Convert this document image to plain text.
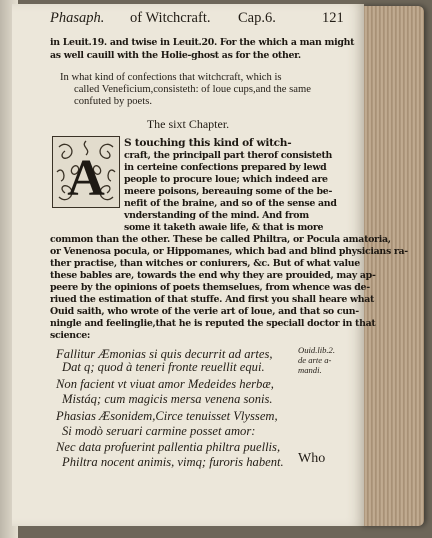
Phasaph. of Witchcraft. Cap.6.	121
in Leuit.19. and twise in Leuit.20. For the which a man might
as well cauill with the Holie-ghost as for the other.
In what kind of confections that witchcraft, which is
called Veneficium,consisteth: of loue cups,and the same
confuted by poets.
The sixt Chapter.
A
S touching this kind of witch-
craft, the principall part therof consisteth
in certeine confections prepared by lewd
people to procure loue; which indeed are
meere poisons, bereauing some of the be-
nefit of the braine, and so of the sense and
vnderstanding of the mind. And from
some it taketh awaie life, & that is more
common than the other. These be called Philtra, or Pocula amatoria,
or Venenosa pocula, or Hippomanes, which bad and blind physicians ra-
ther practise, than witches or coniurers, &c. But of what value
these bables are, towards the end why they are prouided, may ap-
peere by the opinions of poets themselues, from whence was de-
riued the estimation of that stuffe. And first you shall heare what
Ouid saith, who wrote of the verie art of loue, and that so cun-
ningle and feelinglie,that he is reputed the speciall doctor in that
science:
Fallitur Æmonias si quis decurrit ad artes,
Dat q; quod à teneri fronte reuellit equi.
Non facient vt viuat amor Medeides herbæ,
Mistáq; cum magicis mersa venena sonis.
Phasias Æsonidem,Circe tenuisset Vlyssem,
Si modò seruari carmine posset amor:
Nec data profuerint pallentia philtra puellis,
Philtra nocent animis, vimq; furoris habent.
Ouid.lib.2.
de arte a-
mandi.
Who
